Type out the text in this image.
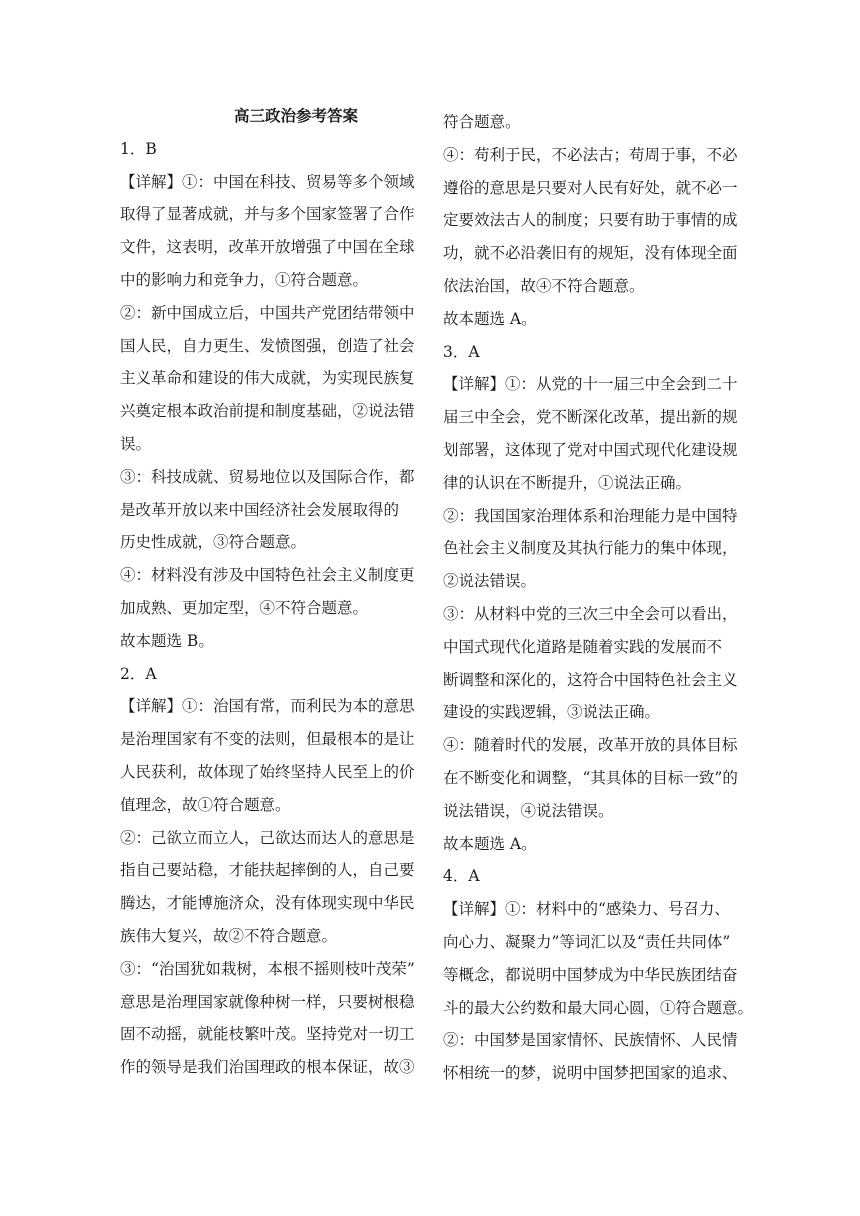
高三政治参考答案
1．B
【详解】①：中国在科技、贸易等多个领域
取得了显著成就，并与多个国家签署了合作
文件，这表明，改革开放增强了中国在全球
中的影响力和竞争力，①符合题意。
②：新中国成立后，中国共产党团结带领中
国人民，自力更生、发愤图强，创造了社会
主义革命和建设的伟大成就，为实现民族复
兴奠定根本政治前提和制度基础，②说法错
误。
③：科技成就、贸易地位以及国际合作，都
是改革开放以来中国经济社会发展取得的
历史性成就，③符合题意。
④：材料没有涉及中国特色社会主义制度更
加成熟、更加定型，④不符合题意。
故本题选 B。
2．A
【详解】①：治国有常，而利民为本的意思
是治理国家有不变的法则，但最根本的是让
人民获利，故体现了始终坚持人民至上的价
值理念，故①符合题意。
②：己欲立而立人，己欲达而达人的意思是
指自己要站稳，才能扶起摔倒的人，自己要
腾达，才能博施济众，没有体现实现中华民
族伟大复兴，故②不符合题意。
③：“治国犹如栽树，本根不摇则枝叶茂荣”
意思是治理国家就像种树一样，只要树根稳
固不动摇，就能枝繁叶茂。坚持党对一切工
作的领导是我们治国理政的根本保证，故③
符合题意。
④：苟利于民，不必法古；苟周于事，不必
遵俗的意思是只要对人民有好处，就不必一
定要效法古人的制度；只要有助于事情的成
功，就不必沿袭旧有的规矩，没有体现全面
依法治国，故④不符合题意。
故本题选 A。
3．A
【详解】①：从党的十一届三中全会到二十
届三中全会，党不断深化改革，提出新的规
划部署，这体现了党对中国式现代化建设规
律的认识在不断提升，①说法正确。
②：我国国家治理体系和治理能力是中国特
色社会主义制度及其执行能力的集中体现，
②说法错误。
③：从材料中党的三次三中全会可以看出，
中国式现代化道路是随着实践的发展而不
断调整和深化的，这符合中国特色社会主义
建设的实践逻辑，③说法正确。
④：随着时代的发展，改革开放的具体目标
在不断变化和调整，“其具体的目标一致”的
说法错误，④说法错误。
故本题选 A。
4．A
【详解】①：材料中的“感染力、号召力、
向心力、凝聚力”等词汇以及“责任共同体”
等概念，都说明中国梦成为中华民族团结奋
斗的最大公约数和最大同心圆，①符合题意。
②：中国梦是国家情怀、民族情怀、人民情
怀相统一的梦，说明中国梦把国家的追求、
